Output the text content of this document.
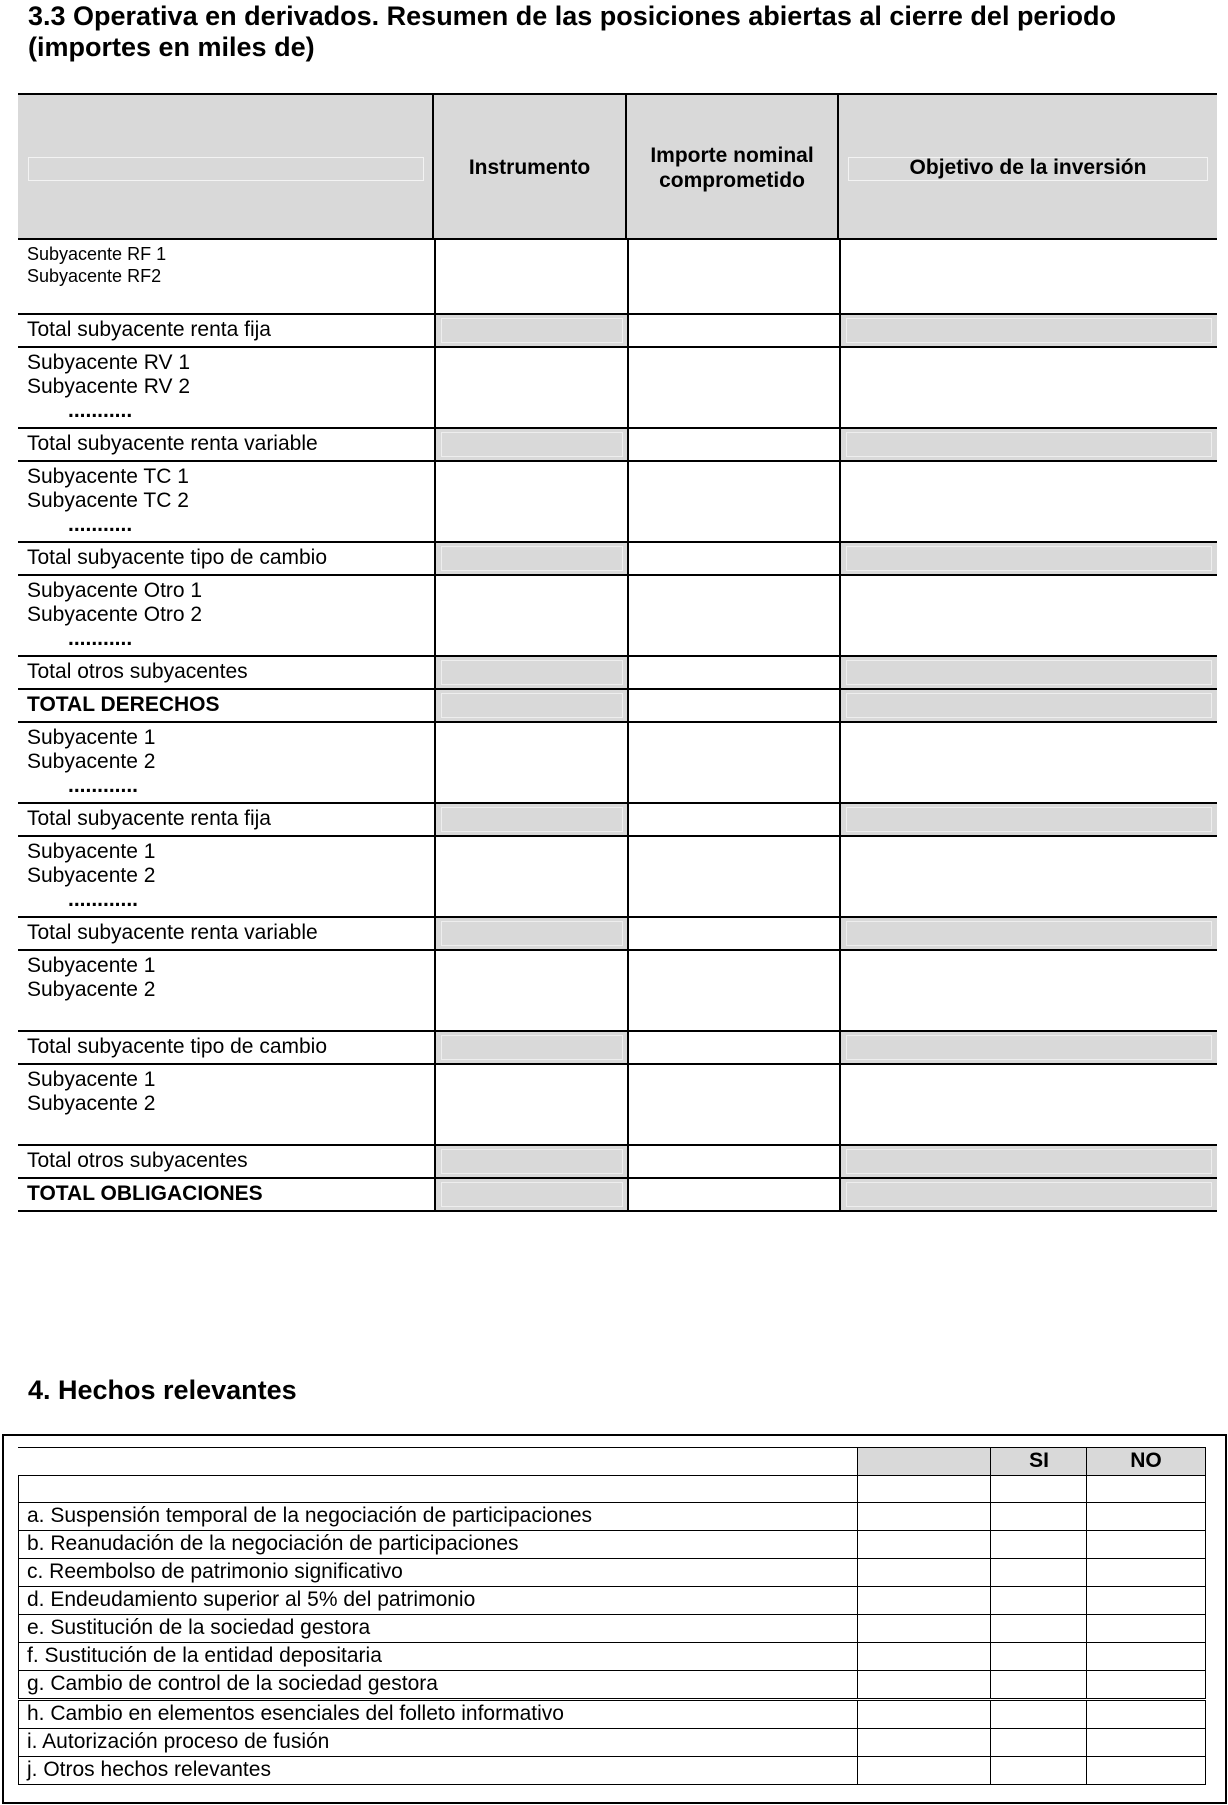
3.3 Operativa en derivados. Resumen de las posiciones abiertas al cierre del periodo
(importes en miles de)
Instrumento
Importe nominal
comprometido
Objetivo de la inversión
Subyacente RF 1
Subyacente RF2
Total subyacente renta fija
Subyacente RV 1
Subyacente RV 2
...........
Total subyacente renta variable
Subyacente TC 1
Subyacente TC 2
...........
Total subyacente tipo de cambio
Subyacente Otro 1
Subyacente Otro 2
...........
Total otros subyacentes
TOTAL DERECHOS
Subyacente 1
Subyacente 2
............
Total subyacente renta fija
Subyacente 1
Subyacente 2
............
Total subyacente renta variable
Subyacente 1
Subyacente 2
Total subyacente tipo de cambio
Subyacente 1
Subyacente 2
Total otros subyacentes
TOTAL OBLIGACIONES
4. Hechos relevantes
SI	NO
a. Suspensión temporal de la negociación de participaciones
b. Reanudación de la negociación de participaciones
c. Reembolso de patrimonio significativo
d. Endeudamiento superior al 5% del patrimonio
e. Sustitución de la sociedad gestora
f. Sustitución de la entidad depositaria
g. Cambio de control de la sociedad gestora
h. Cambio en elementos esenciales del folleto informativo
i. Autorización proceso de fusión
j. Otros hechos relevantes
